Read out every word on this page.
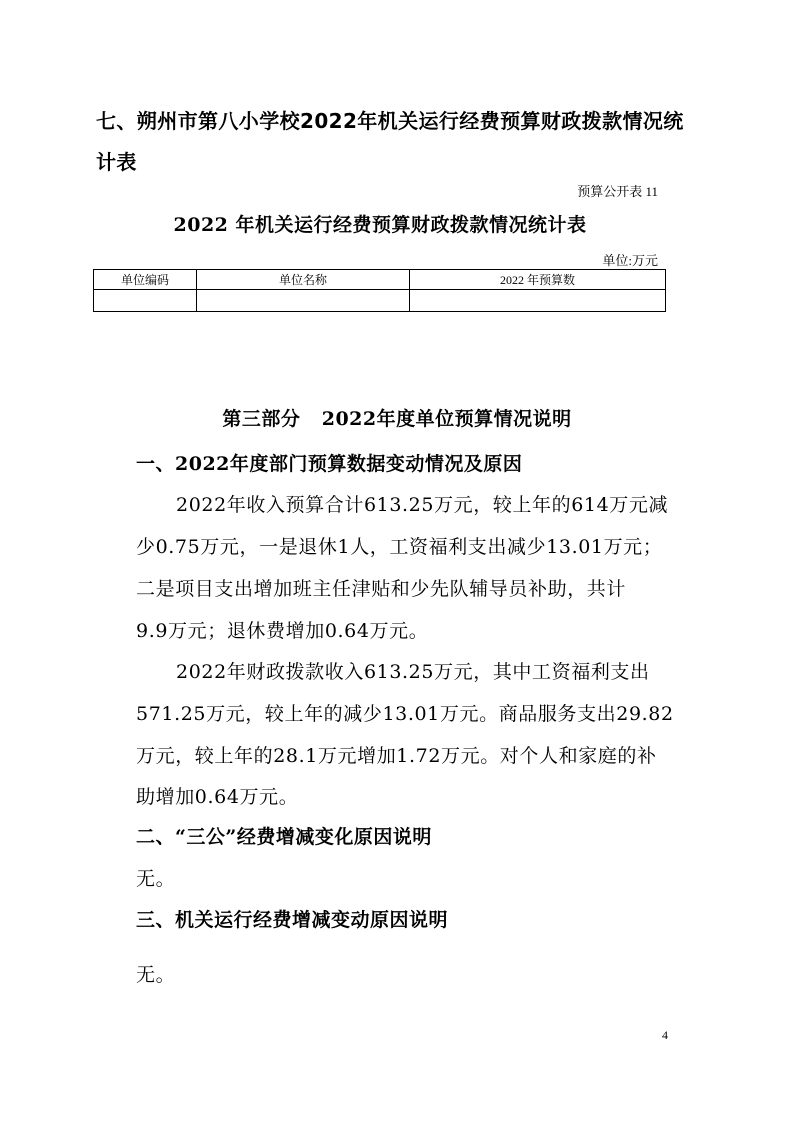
七、朔州市第八小学校2022年机关运行经费预算财政拨款情况统

计表

预算公开表 11

2022 年机关运行经费预算财政拨款情况统计表

单位:万元

单位编码	单位名称	2022 年预算数

第三部分   2022年度单位预算情况说明

一、2022年度部门预算数据变动情况及原因

2022年收入预算合计613.25万元，较上年的614万元减

少0.75万元，一是退休1人，工资福利支出减少13.01万元；

二是项目支出增加班主任津贴和少先队辅导员补助，共计

9.9万元；退休费增加0.64万元。

2022年财政拨款收入613.25万元，其中工资福利支出

571.25万元，较上年的减少13.01万元。商品服务支出29.82

万元，较上年的28.1万元增加1.72万元。对个人和家庭的补

助增加0.64万元。

二、“三公”经费增减变化原因说明

无。

三、机关运行经费增减变动原因说明

无。

4
